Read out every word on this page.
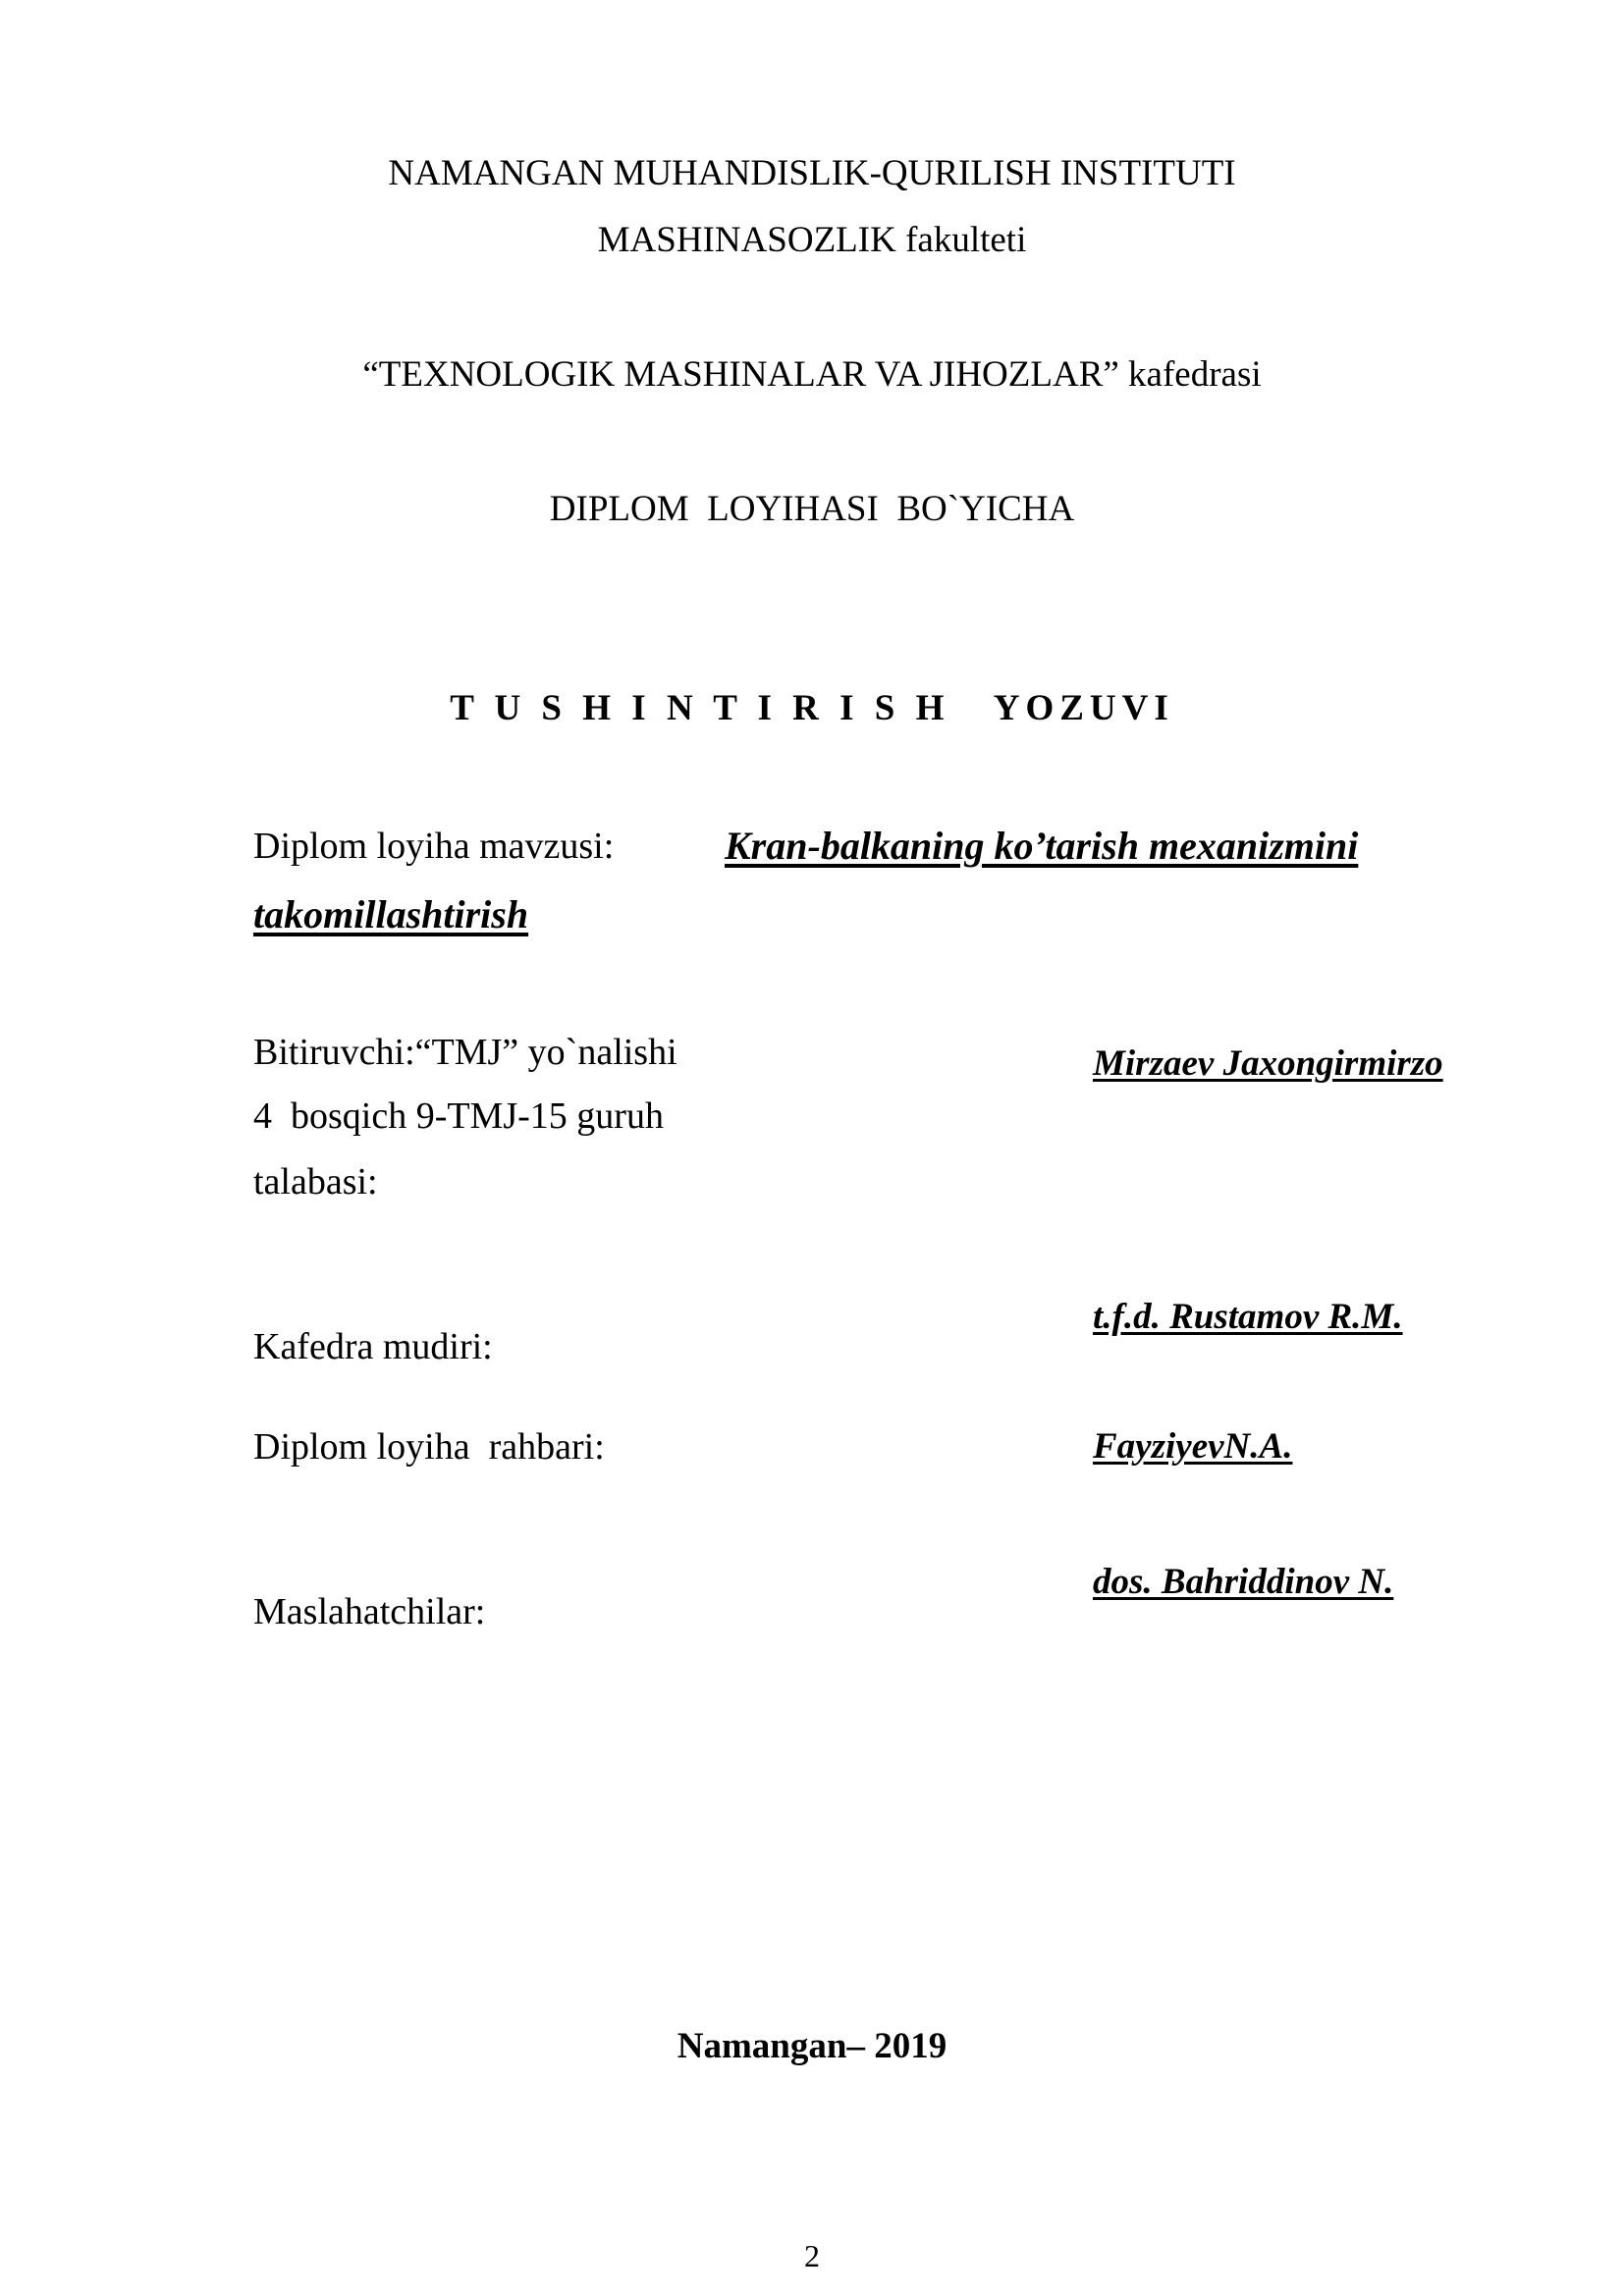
NAMANGAN MUHANDISLIK-QURILISH INSTITUTI
MASHINASOZLIK fakulteti
“TEXNOLOGIK MASHINALAR VA JIHOZLAR” kafedrasi
DIPLOM  LOYIHASI  BO`YICHA
T U S H I N T I R I S H   YOZUVI
Diplom loyiha mavzusi:	Kran-balkaning ko’tarish mexanizmini
takomillashtirish
Bitiruvchi:“TMJ” yo`nalishi
4  bosqich 9-TMJ-15 guruh
talabasi:
Mirzaev Jaxongirmirzo
t.f.d. Rustamov R.M.
Kafedra mudiri:
Diplom loyiha  rahbari:	FayziyevN.A.
dos. Bahriddinov N.
Maslahatchilar:
Namangan– 2019
2
